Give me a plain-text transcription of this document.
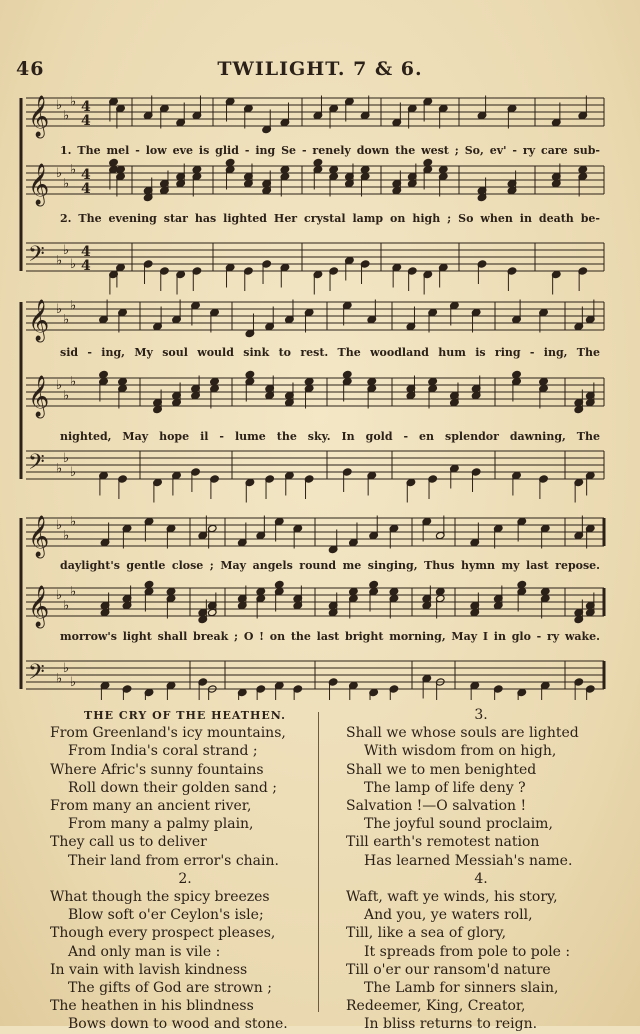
46	TWILIGHT. 7 & 6.
𝄞 ♭
♭
♭ 4
4
𝄞 ♭
♭
♭ 4
4
𝄢 ♭
♭
♭
4
4
𝄞 ♭
♭
♭
𝄞 ♭
♭
♭
𝄢 ♭
♭
♭
𝄞 ♭
♭
♭
𝄞 ♭
♭
♭
𝄢 ♭
♭
♭
1. The mel - low eve is glid - ing Se - renely down the west ; So, ev' - ry care sub-
2. The evening star has lighted Her crystal lamp on high ; So when in death be-
sid - ing, My soul would sink to rest. The woodland hum is ring - ing, The
nighted, May hope il - lume the sky. In gold - en splendor dawning, The
daylight's gentle close ; May angels round me singing, Thus hymn my last repose.
morrow's light shall break ; O ! on the last bright morning, May I in glo - ry wake.
THE CRY OF THE HEATHEN.
From Greenland's icy mountains,
From India's coral strand ;
Where Afric's sunny fountains
Roll down their golden sand ;
From many an ancient river,
From many a palmy plain,
They call us to deliver
Their land from error's chain.
2.
What though the spicy breezes
Blow soft o'er Ceylon's isle;
Though every prospect pleases,
And only man is vile :
In vain with lavish kindness
The gifts of God are strown ;
The heathen in his blindness
Bows down to wood and stone.
3.
Shall we whose souls are lighted
With wisdom from on high,
Shall we to men benighted
The lamp of life deny ?
Salvation !—O salvation !
The joyful sound proclaim,
Till earth's remotest nation
Has learned Messiah's name.
4.
Waft, waft ye winds, his story,
And you, ye waters roll,
Till, like a sea of glory,
It spreads from pole to pole :
Till o'er our ransom'd nature
The Lamb for sinners slain,
Redeemer, King, Creator,
In bliss returns to reign.
